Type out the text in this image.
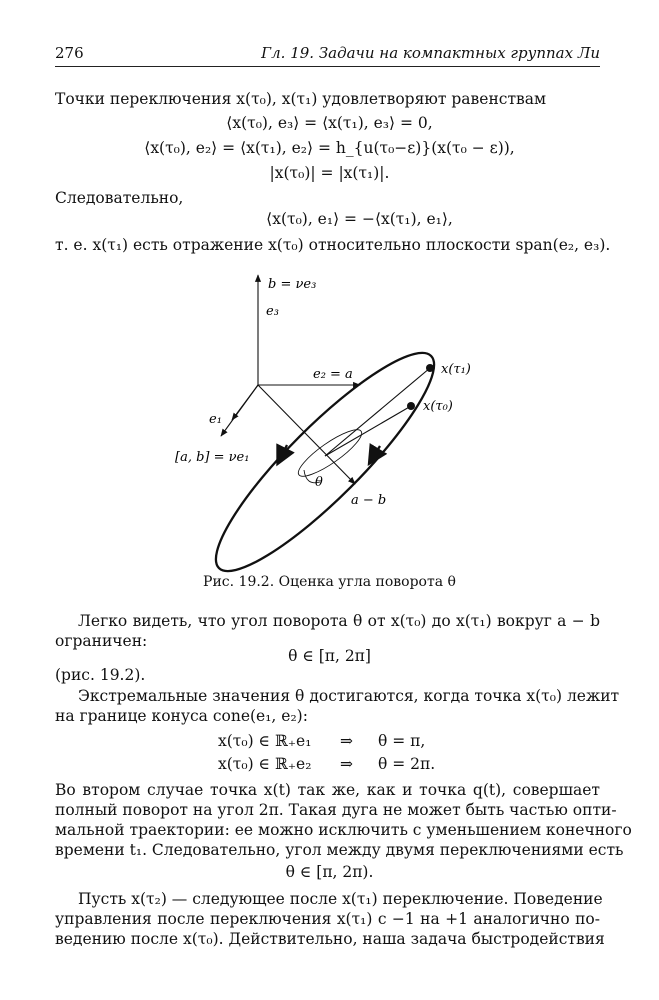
276	Гл. 19. Задачи на компактных группах Ли
Точки переключения x(τ₀), x(τ₁) удовлетворяют равенствам
⟨x(τ₀), e₃⟩ = ⟨x(τ₁), e₃⟩ = 0,
⟨x(τ₀), e₂⟩ = ⟨x(τ₁), e₂⟩ = h_{u(τ₀−ε)}(x(τ₀ − ε)),
|x(τ₀)| = |x(τ₁)|.
Следовательно,
⟨x(τ₀), e₁⟩ = −⟨x(τ₁), e₁⟩,
т. е. x(τ₁) есть отражение x(τ₀) относительно плоскости span(e₂, e₃).
b = νe₃
e₃
e₂ = a
e₁
[a, b] = νe₁
x(τ₁)
x(τ₀)
θ
a − b
Рис. 19.2. Оценка угла поворота θ
Легко видеть, что угол поворота θ от x(τ₀) до x(τ₁) вокруг a − b
ограничен:
θ ∈ [π, 2π]
(рис. 19.2).
Экстремальные значения θ достигаются, когда точка x(τ₀) лежит
на границе конуса cone(e₁, e₂):
x(τ₀) ∈ ℝ₊e₁ ⇒ θ = π,
x(τ₀) ∈ ℝ₊e₂ ⇒ θ = 2π.
Во втором случае точка x(t) так же, как и точка q(t), совершает
полный поворот на угол 2π. Такая дуга не может быть частью опти-
мальной траектории: ее можно исключить с уменьшением конечного
времени t₁. Следовательно, угол между двумя переключениями есть
θ ∈ [π, 2π).
Пусть x(τ₂) — следующее после x(τ₁) переключение. Поведение
управления после переключения x(τ₁) с −1 на +1 аналогично по-
ведению после x(τ₀). Действительно, наша задача быстродействия
